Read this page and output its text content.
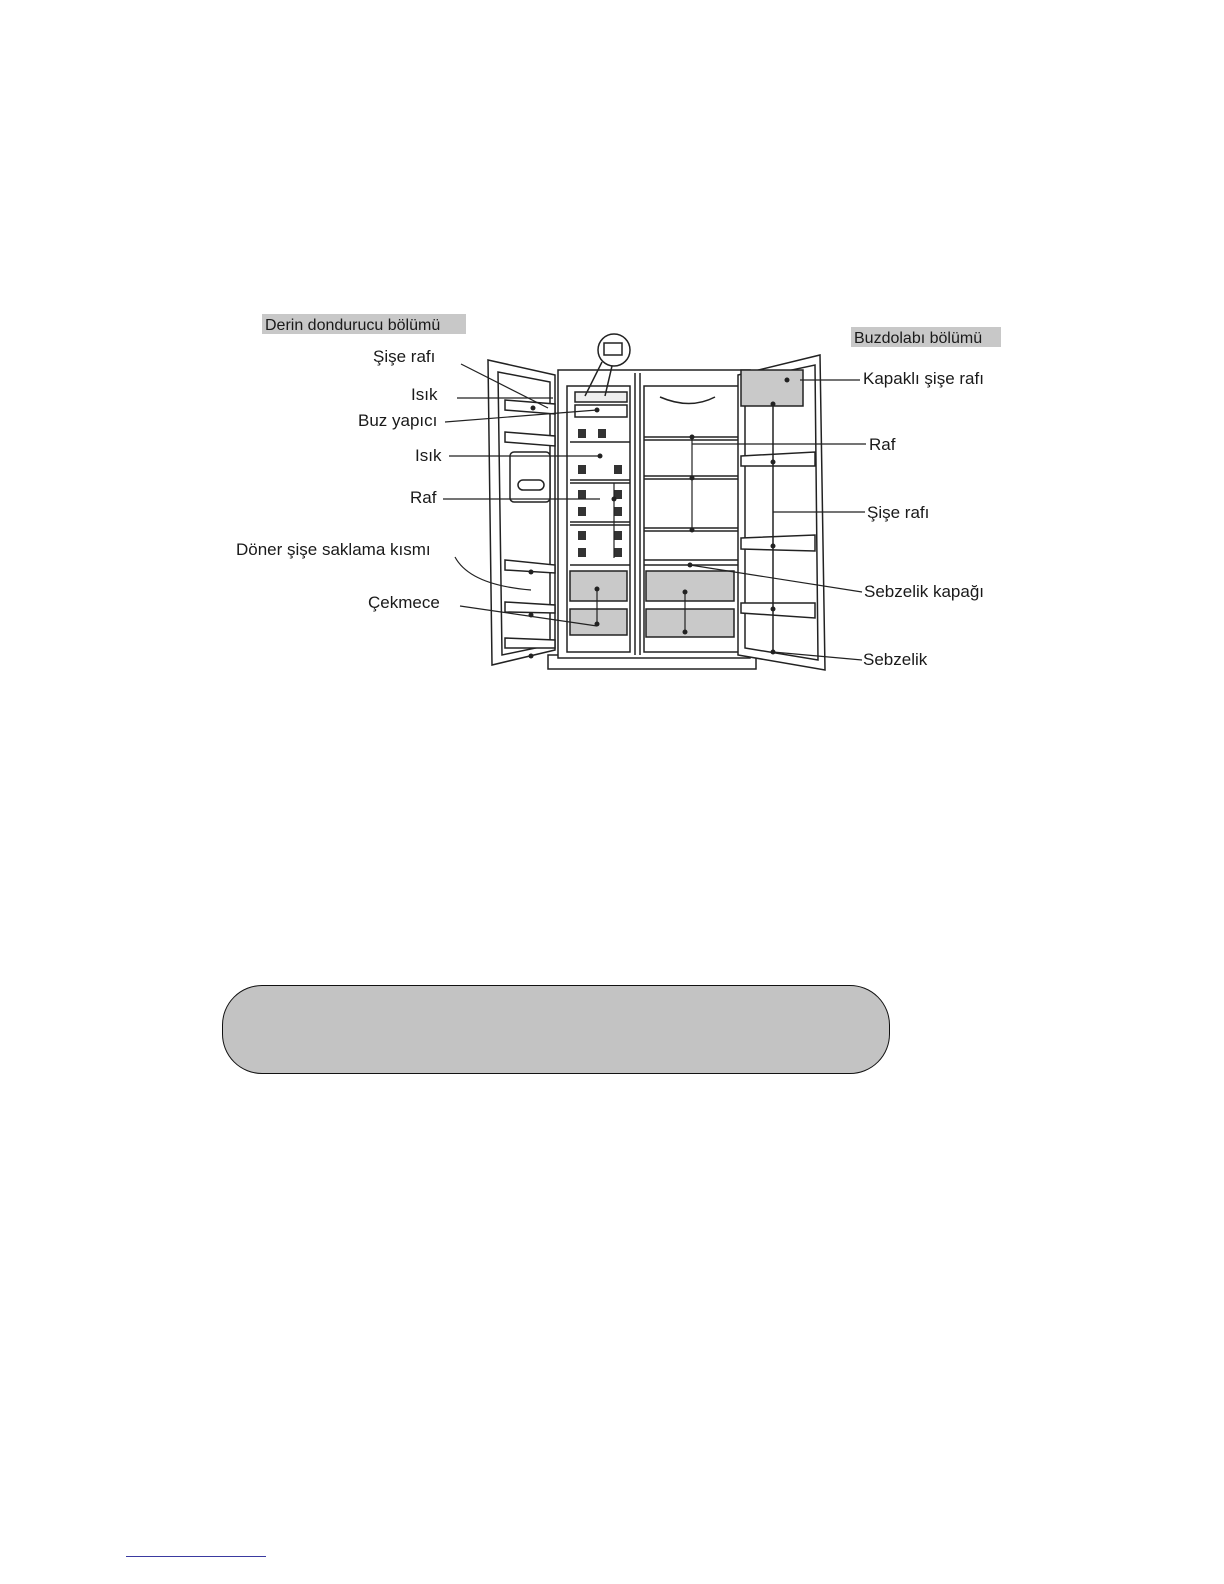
Derin dondurucu bölümü
Buzdolabı bölümü
Şişe rafı
Isık
Buz yapıcı
Isık
Raf
Döner şişe saklama kısmı
Çekmece
Kapaklı şişe rafı
Raf
Şişe rafı
Sebzelik kapağı
Sebzelik
